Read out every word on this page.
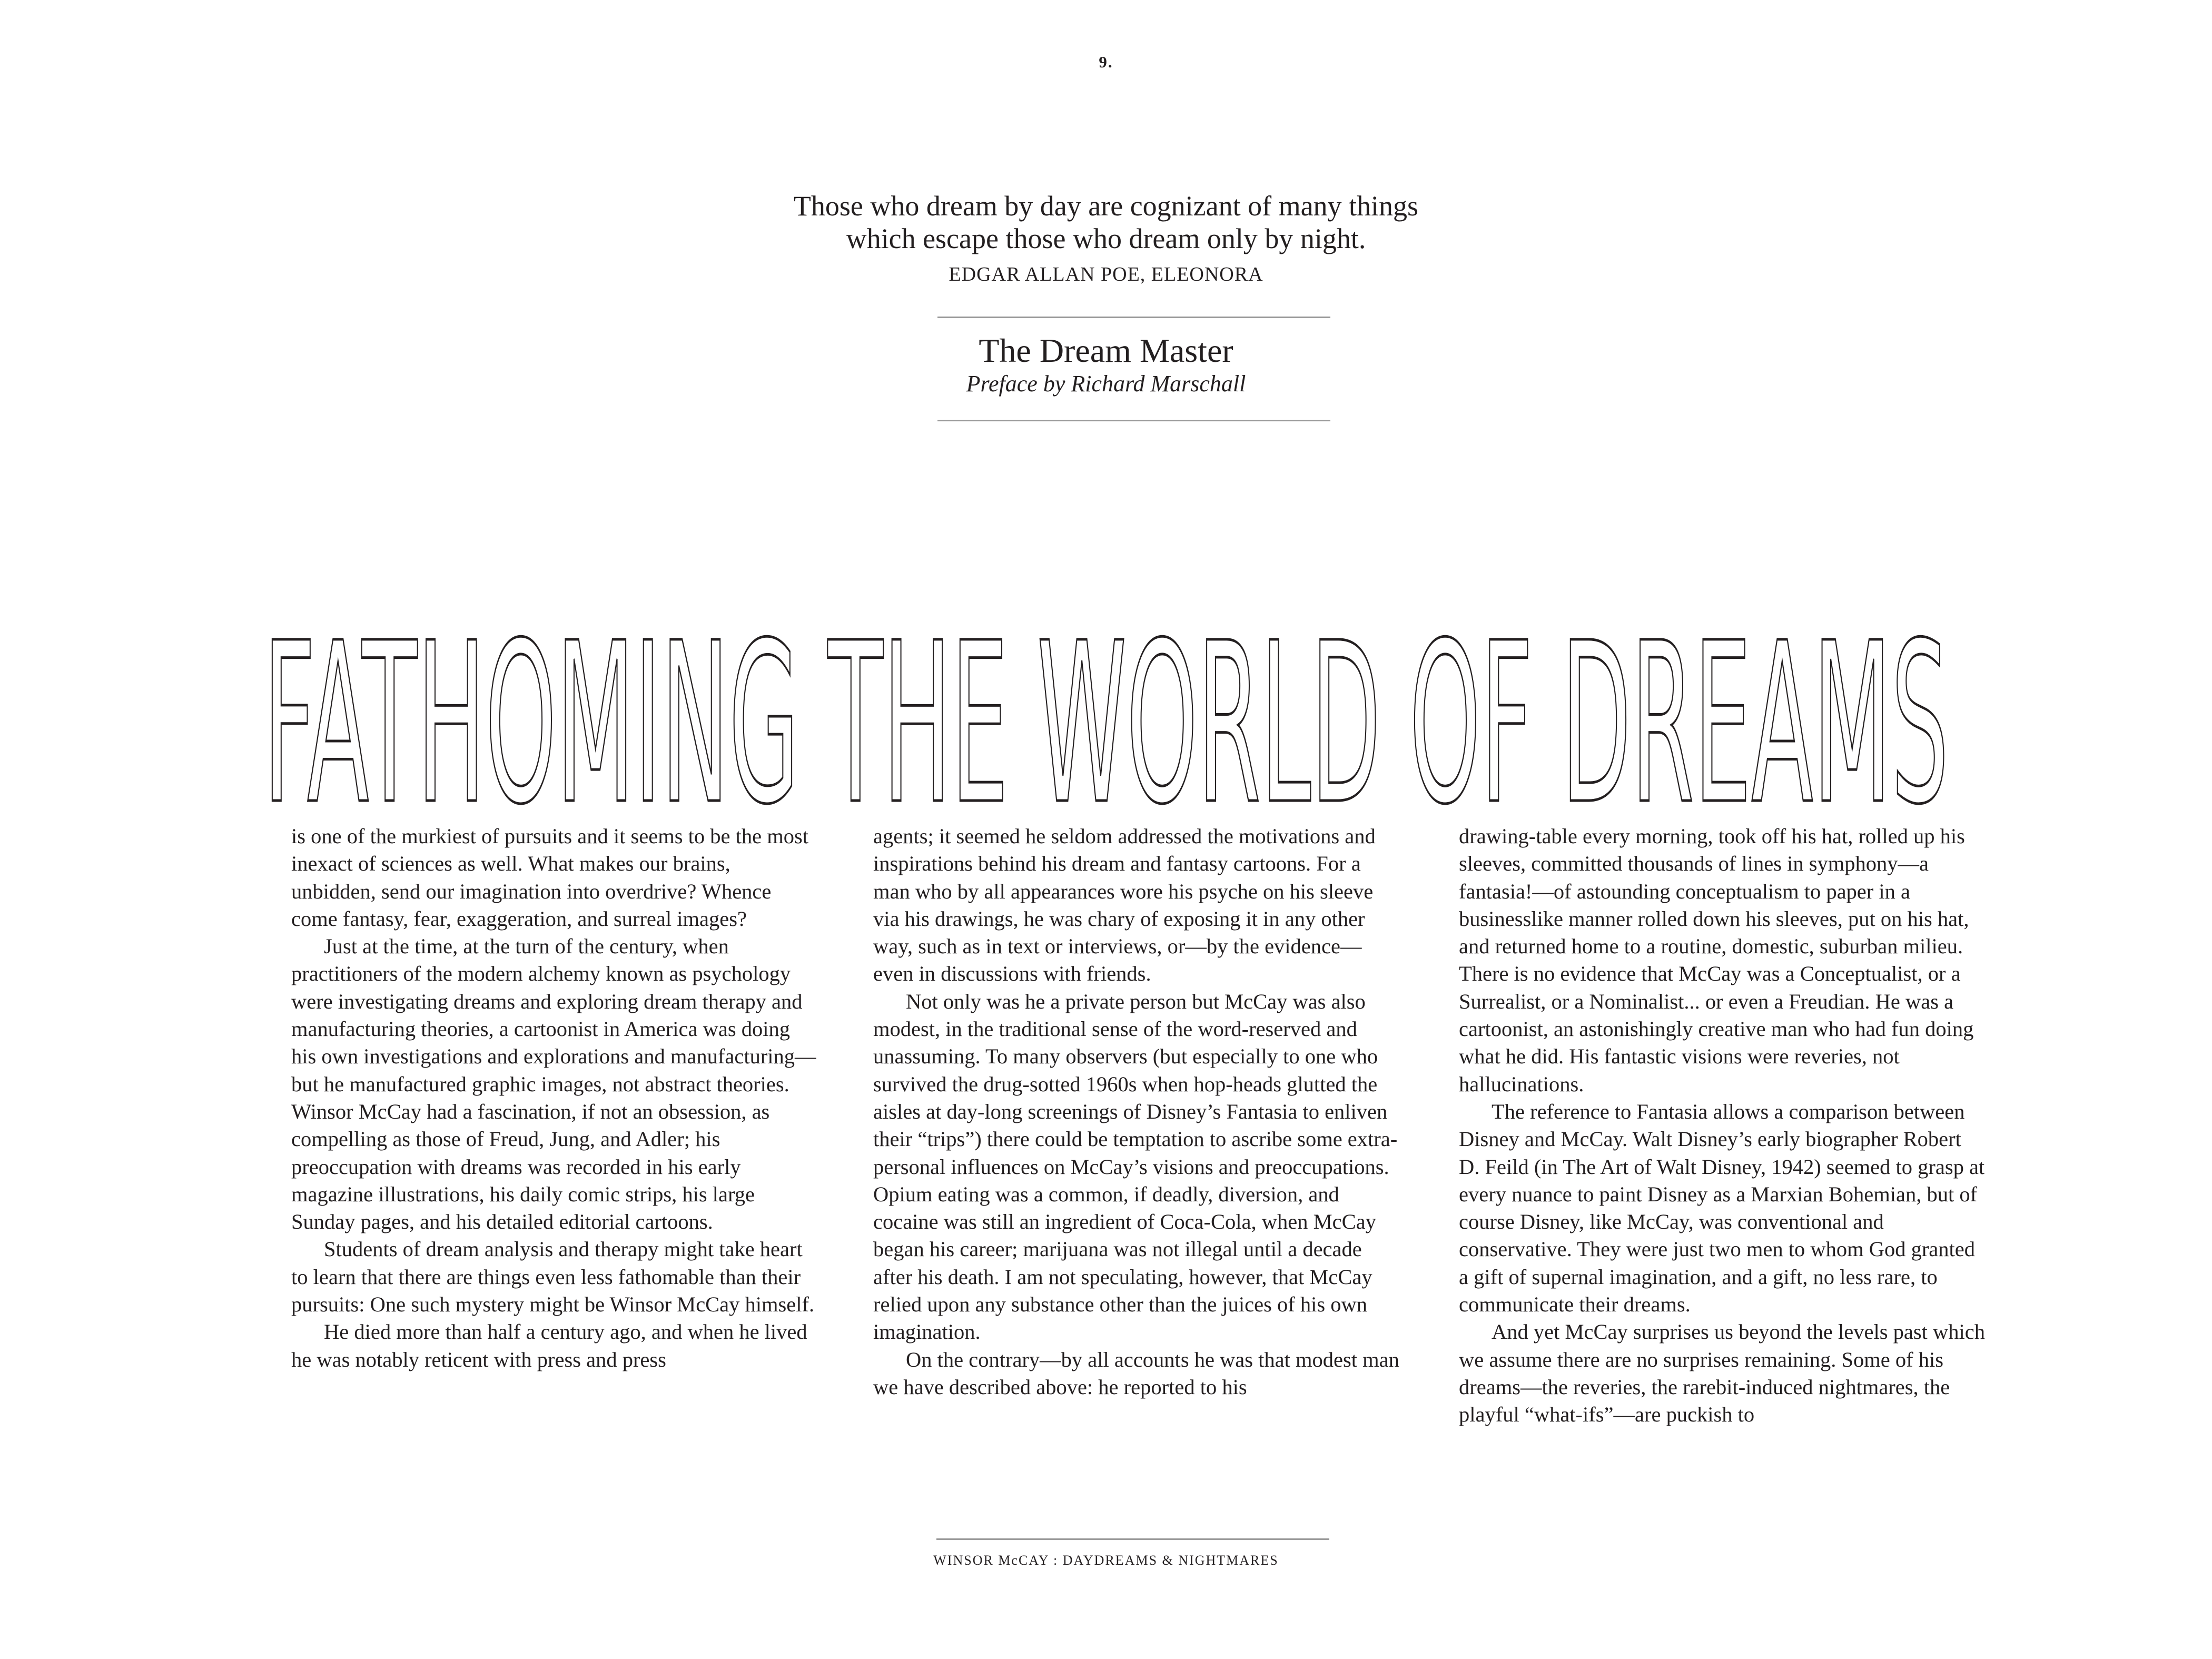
9.
Those who dream by day are cognizant of many things
which escape those who dream only by night.
EDGAR ALLAN POE, ELEONORA
The Dream Master
Preface by Richard Marschall
FATHOMING THE WORLD OF DREAMS

is one of the murkiest of pursuits and it seems to be the most inexact of sciences as well. What makes our brains, unbidden, send our imagination into overdrive? Whence come fantasy, fear, exaggeration, and surreal images?

Just at the time, at the turn of the century, when practitioners of the modern alchemy known as psychology were investigating dreams and exploring dream therapy and manufacturing theories, a cartoonist in America was doing his own investigations and explorations and manufacturing—but he manufactured graphic images, not abstract theories. Winsor McCay had a fascination, if not an obsession, as compelling as those of Freud, Jung, and Adler; his preoccupation with dreams was recorded in his early magazine illustrations, his daily comic strips, his large Sunday pages, and his detailed editorial cartoons.

Students of dream analysis and therapy might take heart to learn that there are things even less fathomable than their pursuits: One such mystery might be Winsor McCay himself.

He died more than half a century ago, and when he lived he was notably reticent with press and press

agents; it seemed he seldom addressed the motivations and inspirations behind his dream and fantasy cartoons. For a man who by all appearances wore his psyche on his sleeve via his drawings, he was chary of exposing it in any other way, such as in text or interviews, or—by the evidence—even in discussions with friends.

Not only was he a private person but McCay was also modest, in the traditional sense of the word-reserved and unassuming. To many observers (but especially to one who survived the drug-sotted 1960s when hop-heads glutted the aisles at day-long screenings of Disney’s Fantasia to enliven their “trips”) there could be temptation to ascribe some extra-personal influences on McCay’s visions and preoccupations. Opium eating was a common, if deadly, diversion, and cocaine was still an ingredient of Coca-Cola, when McCay began his career; marijuana was not illegal until a decade after his death. I am not speculating, however, that McCay relied upon any substance other than the juices of his own imagination.

On the contrary—by all accounts he was that modest man we have described above: he reported to his

drawing-table every morning, took off his hat, rolled up his sleeves, committed thousands of lines in symphony—a fantasia!—of astounding conceptualism to paper in a businesslike manner rolled down his sleeves, put on his hat, and returned home to a routine, domestic, suburban milieu. There is no evidence that McCay was a Conceptualist, or a Surrealist, or a Nominalist... or even a Freudian. He was a cartoonist, an astonishingly creative man who had fun doing what he did. His fantastic visions were reveries, not hallucinations.

The reference to Fantasia allows a comparison between Disney and McCay. Walt Disney’s early biographer Robert D. Feild (in The Art of Walt Disney, 1942) seemed to grasp at every nuance to paint Disney as a Marxian Bohemian, but of course Disney, like McCay, was conventional and conservative. They were just two men to whom God granted a gift of supernal imagination, and a gift, no less rare, to communicate their dreams.

And yet McCay surprises us beyond the levels past which we assume there are no surprises remaining. Some of his dreams—the reveries, the rarebit-induced nightmares, the playful “what-ifs”—are puckish to

WINSOR McCAY : DAYDREAMS & NIGHTMARES
